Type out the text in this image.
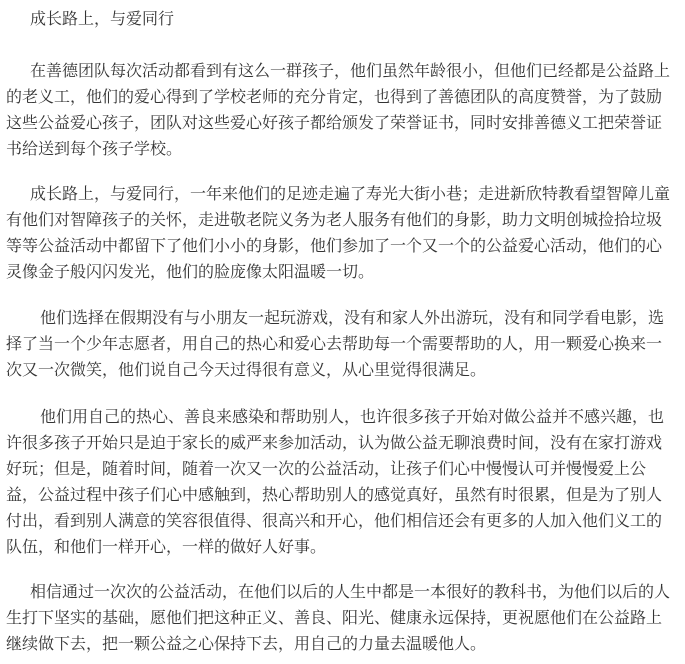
成长路上，与爱同行
在善德团队每次活动都看到有这么一群孩子，他们虽然年龄很小，但他们已经都是公益路上
的老义工，他们的爱心得到了学校老师的充分肯定，也得到了善德团队的高度赞誉，为了鼓励
这些公益爱心孩子，团队对这些爱心好孩子都给颁发了荣誉证书，同时安排善德义工把荣誉证
书给送到每个孩子学校。
成长路上，与爱同行，一年来他们的足迹走遍了寿光大街小巷；走进新欣特教看望智障儿童
有他们对智障孩子的关怀，走进敬老院义务为老人服务有他们的身影，助力文明创城捡拾垃圾
等等公益活动中都留下了他们小小的身影，他们参加了一个又一个的公益爱心活动，他们的心
灵像金子般闪闪发光，他们的脸庞像太阳温暖一切。
他们选择在假期没有与小朋友一起玩游戏，没有和家人外出游玩，没有和同学看电影，选
择了当一个少年志愿者，用自己的热心和爱心去帮助每一个需要帮助的人，用一颗爱心换来一
次又一次微笑，他们说自己今天过得很有意义，从心里觉得很满足。
他们用自己的热心、善良来感染和帮助别人，也许很多孩子开始对做公益并不感兴趣，也
许很多孩子开始只是迫于家长的威严来参加活动，认为做公益无聊浪费时间，没有在家打游戏
好玩；但是，随着时间，随着一次又一次的公益活动，让孩子们心中慢慢认可并慢慢爱上公
益，公益过程中孩子们心中感触到，热心帮助别人的感觉真好，虽然有时很累，但是为了别人
付出，看到别人满意的笑容很值得、很高兴和开心，他们相信还会有更多的人加入他们义工的
队伍，和他们一样开心，一样的做好人好事。
相信通过一次次的公益活动，在他们以后的人生中都是一本很好的教科书，为他们以后的人
生打下坚实的基础，愿他们把这种正义、善良、阳光、健康永远保持，更祝愿他们在公益路上
继续做下去，把一颗公益之心保持下去，用自己的力量去温暖他人。
